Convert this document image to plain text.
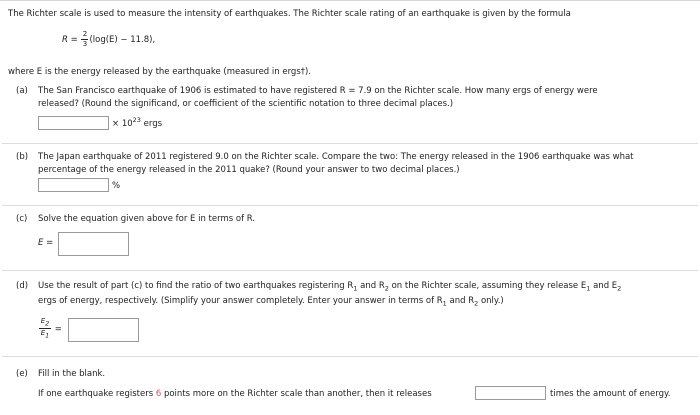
The Richter scale is used to measure the intensity of earthquakes. The Richter scale rating of an earthquake is given by the formula
$R = \frac{2}{3} (\log(E) - 11.8)$,
where E is the energy released by the earthquake (measured in ergs†).
(a) The San Francisco earthquake of 1906 is estimated to have registered R = 7.9 on the Richter scale. How many ergs of energy were
released? (Round the significand, or coefficient of the scientific notation to three decimal places.)
× $10^{23}$ ergs
(b) The Japan earthquake of 2011 registered 9.0 on the Richter scale. Compare the two: The energy released in the 1906 earthquake was what
percentage of the energy released in the 2011 quake? (Round your answer to two decimal places.)
%
(c) Solve the equation given above for E in terms of R.
E =
(d) Use the result of part (c) to find the ratio of two earthquakes registering $R_1$ and $R_2$ on the Richter scale, assuming they release $E_1$ and $E_2$
ergs of energy, respectively. (Simplify your answer completely. Enter your answer in terms of $R_1$ and $R_2$ only.)
$\frac{E_2}{E_1}$ =
(e) Fill in the blank.
If one earthquake registers 6 points more on the Richter scale than another, then it releases	times the amount of energy.
